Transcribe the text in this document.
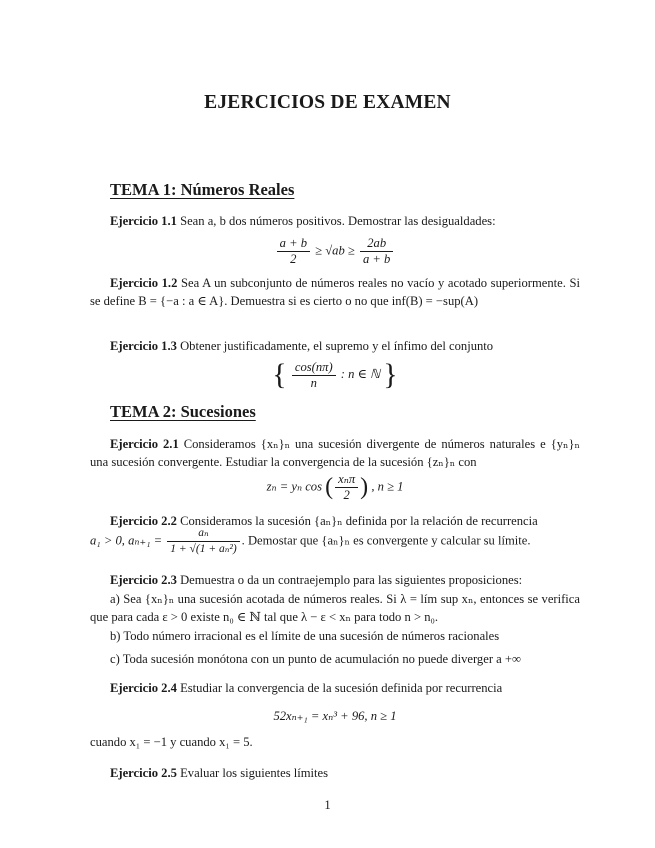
EJERCICIOS DE EXAMEN
TEMA 1: Números Reales
Ejercicio 1.1 Sean a, b dos números positivos. Demostrar las desigualdades:
$\frac{a + b}{2} \ge √ab \ge \frac{2ab}{a + b}$
Ejercicio 1.2 Sea A un subconjunto de números reales no vacío y acotado superiormente. Si se define B = {−a : a ∈ A}. Demuestra si es cierto o no que inf(B) = −sup(A)
Ejercicio 1.3 Obtener justificadamente, el supremo y el ínfimo del conjunto
{ $\frac{\cos(n\pi)}{n}$ : n ∈ ℕ }
TEMA 2: Sucesiones
Ejercicio 2.1 Consideramos {xₙ}ₙ una sucesión divergente de números naturales e {yₙ}ₙ una sucesión convergente. Estudiar la convergencia de la sucesión {zₙ}ₙ con
zₙ = yₙ cos ( $\frac{\text{xₙπ}}{2}$ ) , n ≥ 1
Ejercicio 2.2 Consideramos la sucesión {aₙ}ₙ definida por la relación de recurrencia
a₁ > 0, $a_{n+1} = \frac{\text{aₙ}}{\text{1 + √(1 + aₙ²)}}$ . Demostar que {aₙ}ₙ es convergente y calcular su límite.
Ejercicio 2.3 Demuestra o da un contraejemplo para las siguientes proposiciones:
a) Sea {xₙ}ₙ una sucesión acotada de números reales. Si λ = lím sup xₙ, entonces se verifica que para cada ε > 0 existe n₀ ∈ ℕ tal que λ − ε < xₙ para todo n > n₀.
b) Todo número irracional es el límite de una sucesión de números racionales
c) Toda sucesión monótona con un punto de acumulación no puede diverger a +∞
Ejercicio 2.4 Estudiar la convergencia de la sucesión definida por recurrencia
52xₙ₊₁ = xₙ³ + 96, n ≥ 1
cuando x₁ = −1 y cuando x₁ = 5.
Ejercicio 2.5 Evaluar los siguientes límites
1
